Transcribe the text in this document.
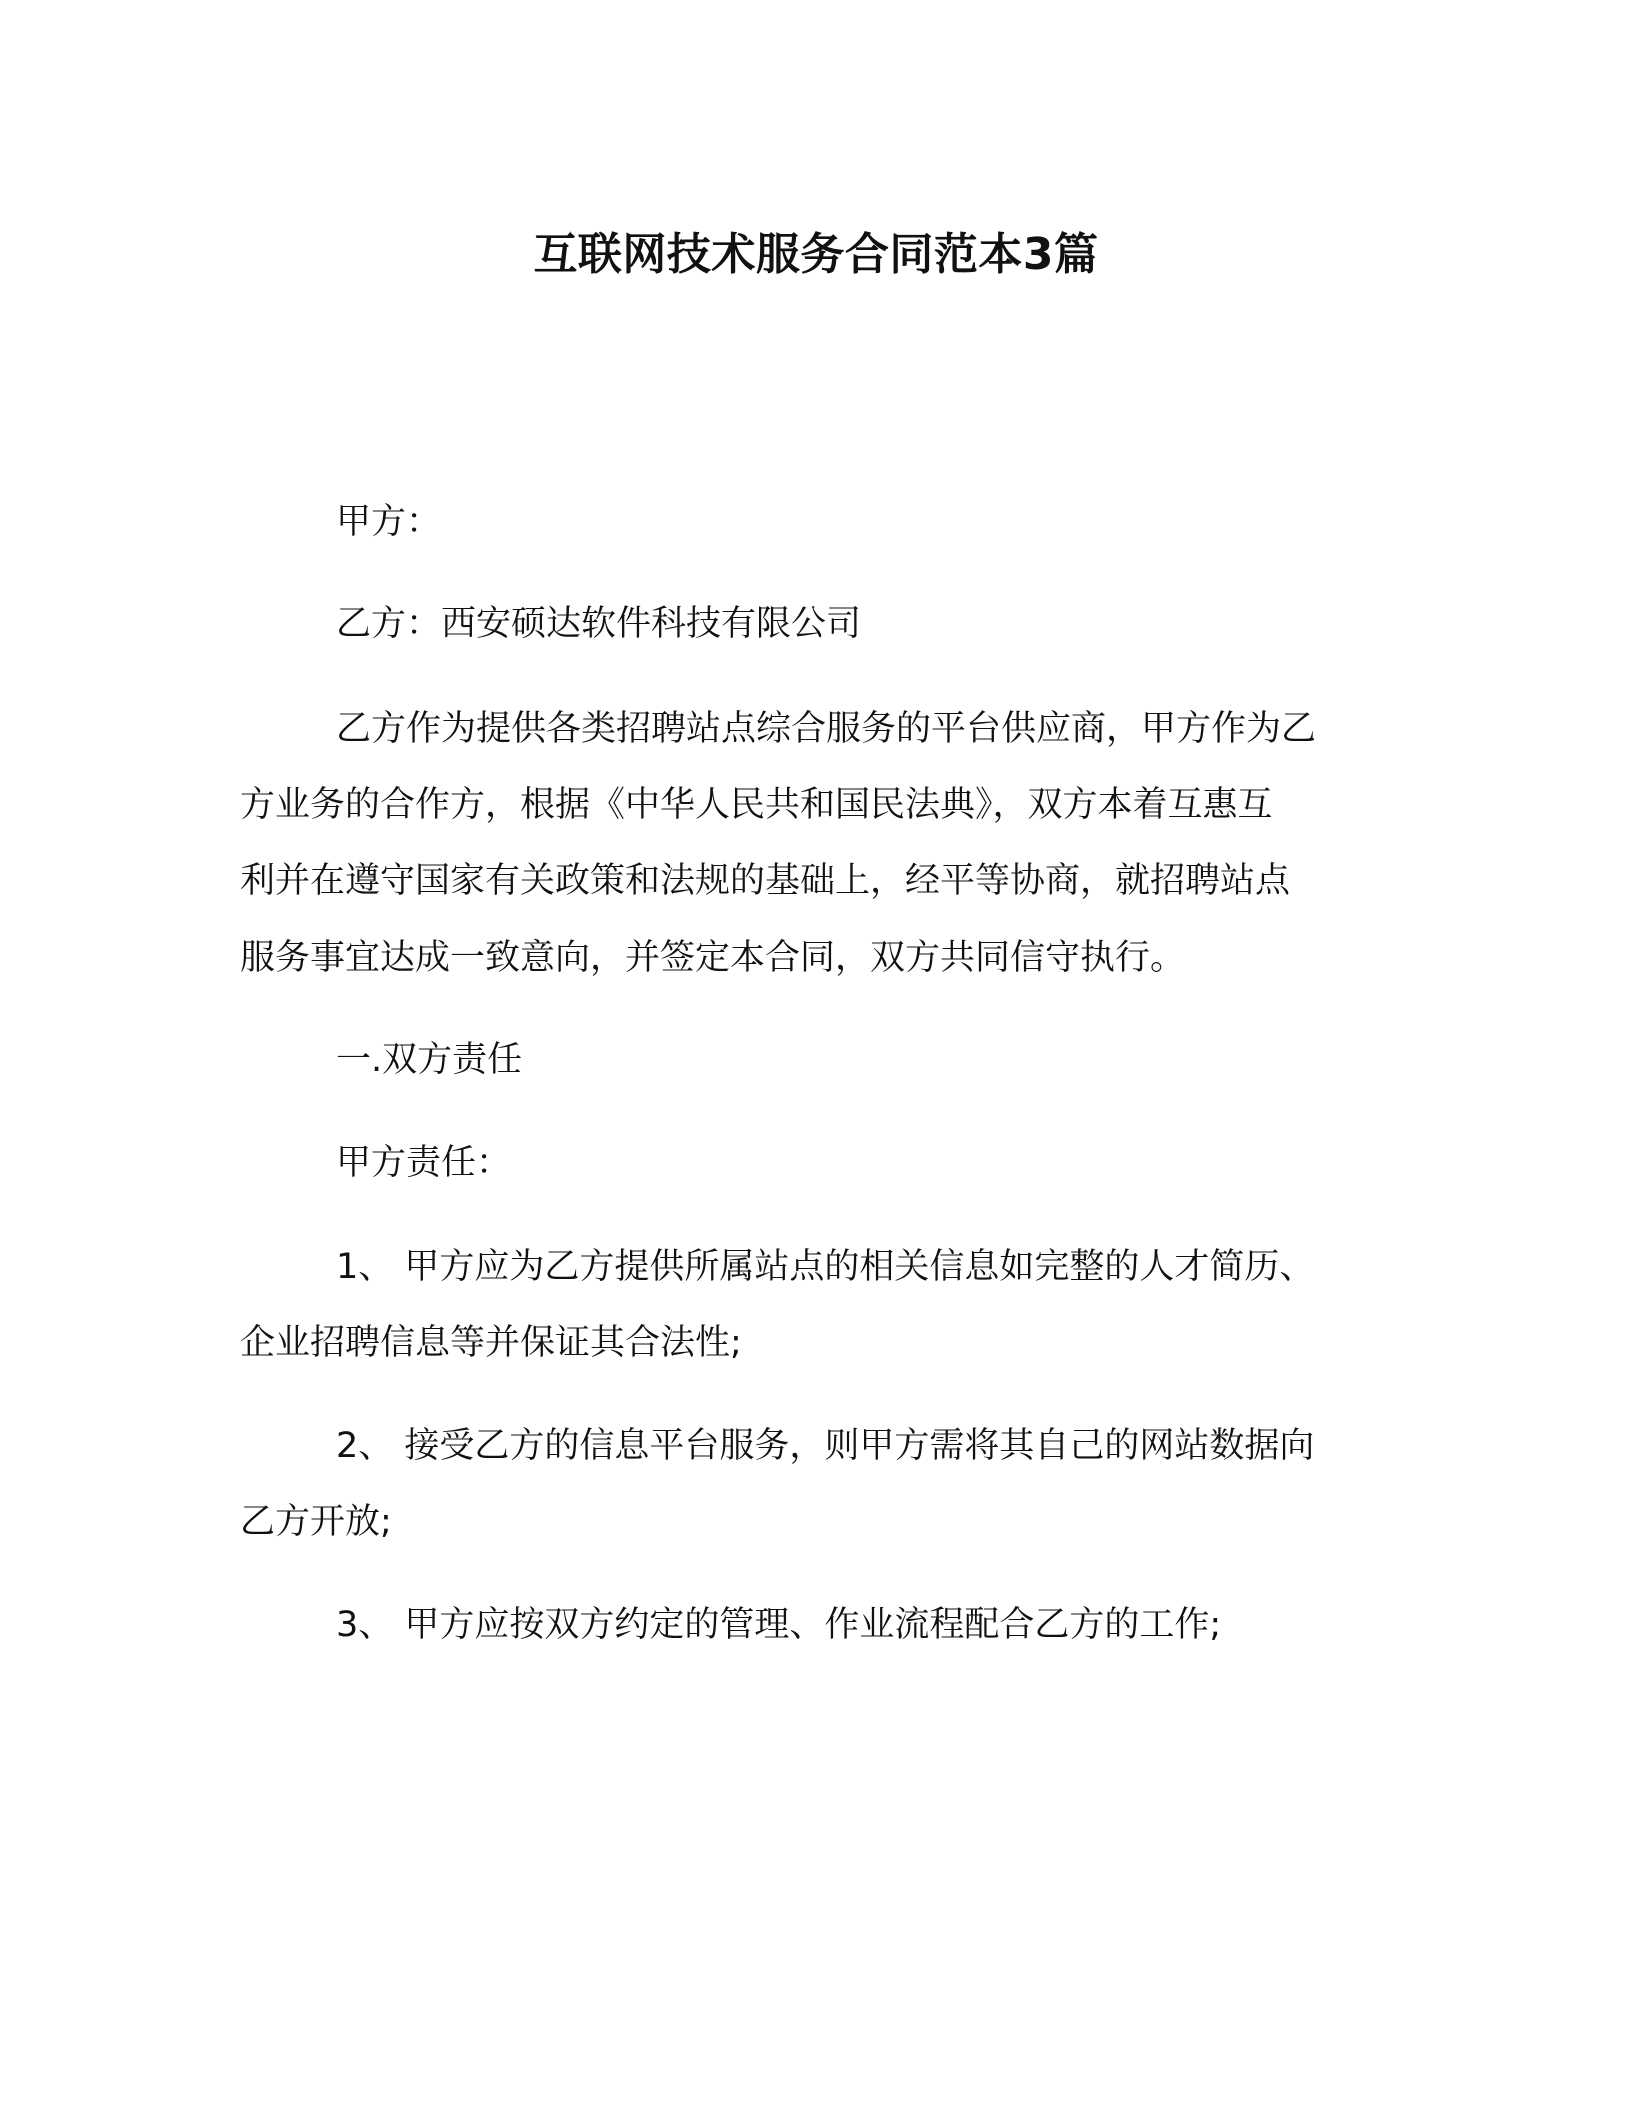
互联网技术服务合同范本3篇
甲方：
乙方：西安硕达软件科技有限公司
乙方作为提供各类招聘站点综合服务的平台供应商，甲方作为乙
方业务的合作方，根据《中华人民共和国民法典》，双方本着互惠互
利并在遵守国家有关政策和法规的基础上，经平等协商，就招聘站点
服务事宜达成一致意向，并签定本合同，双方共同信守执行。
一.双方责任
甲方责任：
1、 甲方应为乙方提供所属站点的相关信息如完整的人才简历、
企业招聘信息等并保证其合法性;
2、 接受乙方的信息平台服务，则甲方需将其自己的网站数据向
乙方开放;
3、 甲方应按双方约定的管理、作业流程配合乙方的工作;
